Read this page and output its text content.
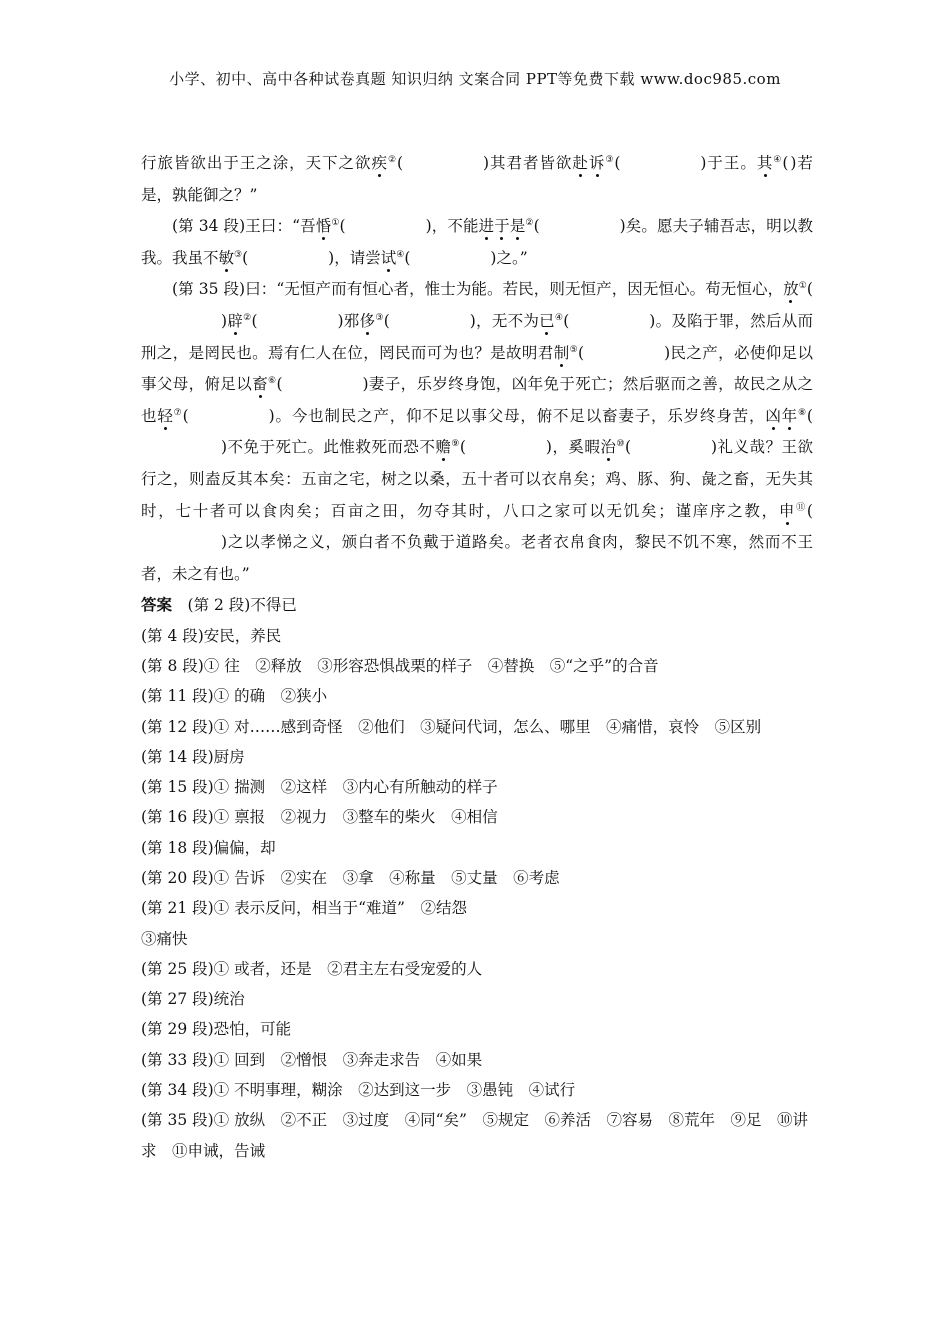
小学、初中、高中各种试卷真题 知识归纳 文案合同 PPT等免费下载 www.doc985.com

行旅皆欲出于王之涂，天下之欲疾②(	)其君者皆欲赴诉③(	)于王。其④( )若是，孰能御之？”

(第 34 段)王曰：“吾惛①(	)，不能进于是②(	)矣。愿夫子辅吾志，明以教我。我虽不敏③(	)，请尝试④(	)之。”

(第 35 段)曰：“无恒产而有恒心者，惟士为能。若民，则无恒产，因无恒心。苟无恒心，放①()辟②(	)邪侈③(	)，无不为已④(	)。及陷于罪，然后从而刑之，是罔民也。焉有仁人在位，罔民而可为也？是故明君制⑤(	)民之产，必使仰足以事父母，俯足以畜⑥(	)妻子，乐岁终身饱，凶年免于死亡；然后驱而之善，故民之从之也轻⑦(	)。今也制民之产，仰不足以事父母，俯不足以畜妻子，乐岁终身苦，凶年⑧()不免于死亡。此惟救死而恐不赡⑨(	)，奚暇治⑩(	)礼义哉？王欲行之，则盍反其本矣：五亩之宅，树之以桑，五十者可以衣帛矣；鸡、豚、狗、彘之畜，无失其时，七十者可以食肉矣；百亩之田，勿夺其时，八口之家可以无饥矣；谨庠序之教，申⑪()之以孝悌之义，颁白者不负戴于道路矣。老者衣帛食肉，黎民不饥不寒，然而不王者，未之有也。”

答案　 (第 2 段)不得已

(第 4 段)安民，养民

(第 8 段)① 往　②释放　③形容恐惧战栗的样子　④替换　⑤“之乎”的合音

(第 11 段)① 的确　②狭小

(第 12 段)① 对……感到奇怪　②他们　③疑问代词，怎么、哪里　④痛惜，哀怜　⑤区别

(第 14 段)厨房

(第 15 段)① 揣测　②这样　③内心有所触动的样子

(第 16 段)① 禀报　②视力　③整车的柴火　④相信

(第 18 段)偏偏，却

(第 20 段)① 告诉　②实在　③拿　④称量　⑤丈量　⑥考虑

(第 21 段)① 表示反问，相当于“难道”　②结怨

③痛快

(第 25 段)① 或者，还是　②君主左右受宠爱的人

(第 27 段)统治

(第 29 段)恐怕，可能

(第 33 段)① 回到　②憎恨　③奔走求告　④如果

(第 34 段)① 不明事理，糊涂　②达到这一步　③愚钝　④试行

(第 35 段)① 放纵　②不正　③过度　④同“矣”　⑤规定　⑥养活　⑦容易　⑧荒年　⑨足　⑩讲求　⑪申诫，告诫
